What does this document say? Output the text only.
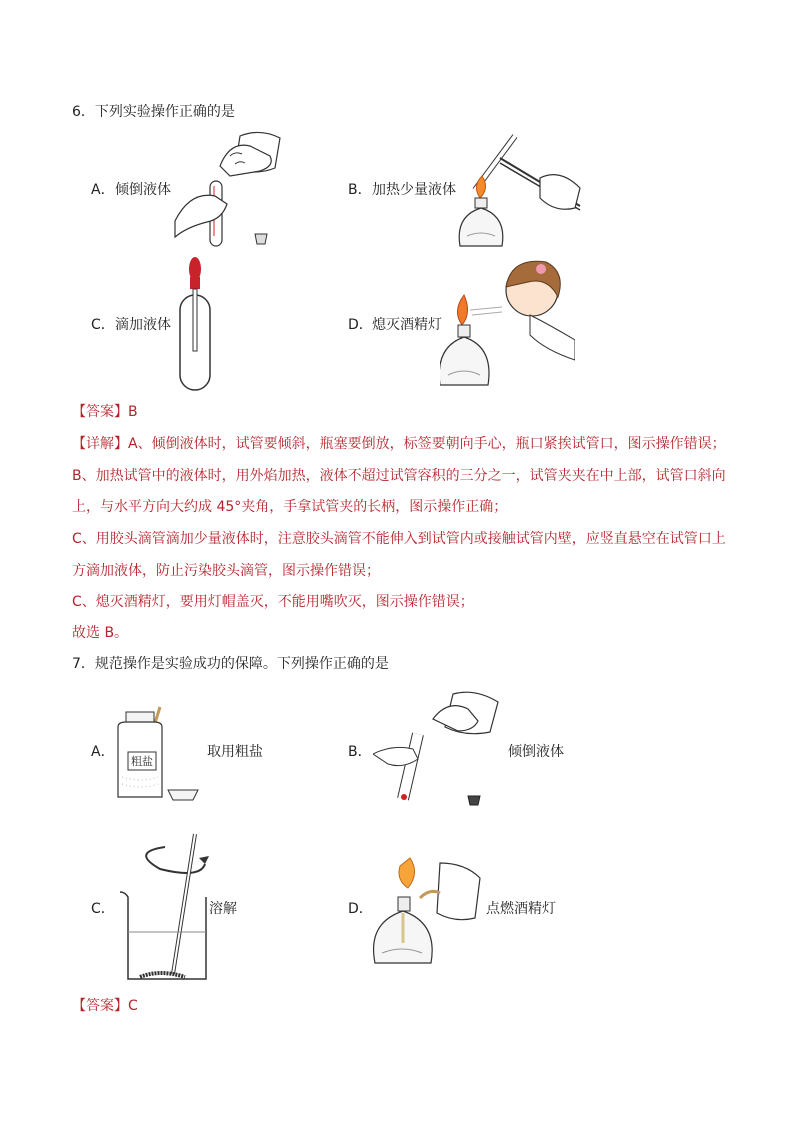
6．下列实验操作正确的是
A． 倾倒液体	B． 加热少量液体
C． 滴加液体	D． 熄灭酒精灯
【答案】B
【详解】A、倾倒液体时，试管要倾斜，瓶塞要倒放，标签要朝向手心，瓶口紧挨试管口，图示操作错误；
B、加热试管中的液体时，用外焰加热，液体不超过试管容积的三分之一，试管夹夹在中上部，试管口斜向
上，与水平方向大约成 45°夹角，手拿试管夹的长柄，图示操作正确；
C、用胶头滴管滴加少量液体时，注意胶头滴管不能伸入到试管内或接触试管内壁，应竖直悬空在试管口上
方滴加液体，防止污染胶头滴管，图示操作错误；
C、熄灭酒精灯，要用灯帽盖灭，不能用嘴吹灭，图示操作错误；
故选 B。
7．规范操作是实验成功的保障。下列操作正确的是
A．
粗盐
取用粗盐	B．	倾倒液体
C．	溶解	D．	点燃酒精灯
【答案】C
